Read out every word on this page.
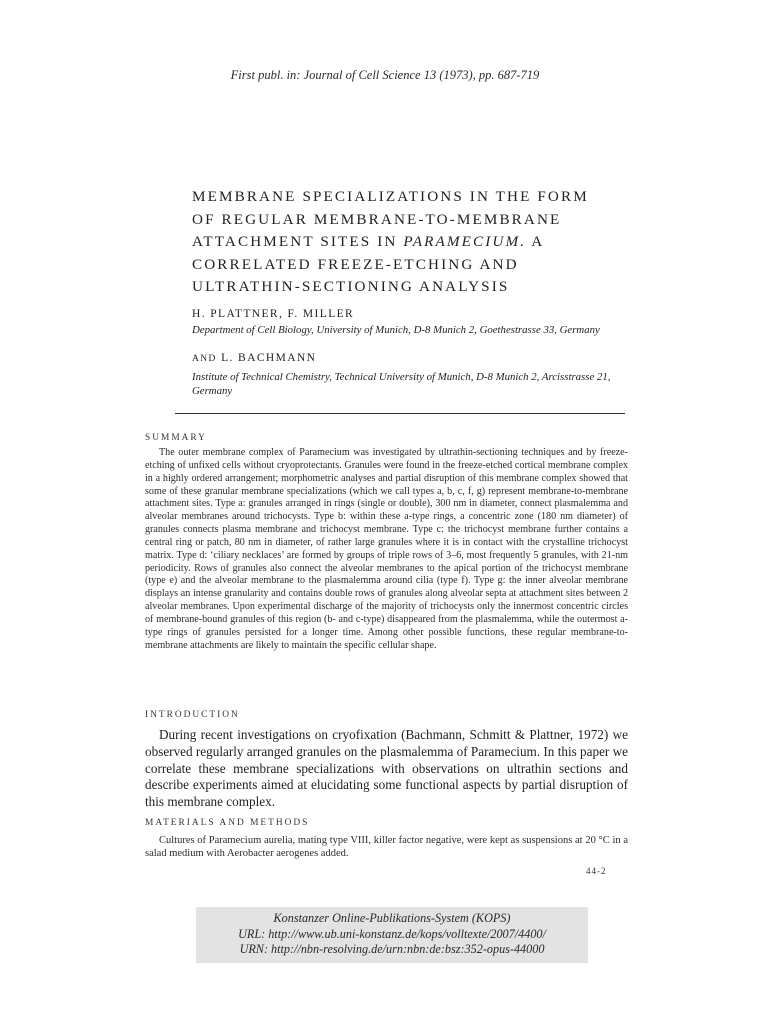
First publ. in: Journal of Cell Science 13 (1973), pp. 687-719
MEMBRANE SPECIALIZATIONS IN THE FORM
OF REGULAR MEMBRANE-TO-MEMBRANE
ATTACHMENT SITES IN PARAMECIUM. A
CORRELATED FREEZE-ETCHING AND
ULTRATHIN-SECTIONING ANALYSIS
H. PLATTNER, F. MILLER
Department of Cell Biology, University of Munich, D-8 Munich 2, Goethestrasse 33, Germany
AND L. BACHMANN
Institute of Technical Chemistry, Technical University of Munich, D-8 Munich 2, Arcisstrasse 21, Germany
SUMMARY
The outer membrane complex of Paramecium was investigated by ultrathin-sectioning techniques and by freeze-etching of unfixed cells without cryoprotectants. Granules were found in the freeze-etched cortical membrane complex in a highly ordered arrangement; morphometric analyses and partial disruption of this membrane complex showed that some of these granular membrane specializations (which we call types a, b, c, f, g) represent membrane-to-membrane attachment sites. Type a: granules arranged in rings (single or double), 300 nm in diameter, connect plasmalemma and alveolar membranes around trichocysts. Type b: within these a-type rings, a concentric zone (180 nm diameter) of granules connects plasma membrane and trichocyst membrane. Type c: the trichocyst membrane further contains a central ring or patch, 80 nm in diameter, of rather large granules where it is in contact with the crystalline trichocyst matrix. Type d: ‘ciliary necklaces’ are formed by groups of triple rows of 3–6, most frequently 5 granules, with 21-nm periodicity. Rows of granules also connect the alveolar membranes to the apical portion of the trichocyst membrane (type e) and the alveolar membrane to the plasmalemma around cilia (type f). Type g: the inner alveolar membrane displays an intense granularity and contains double rows of granules along alveolar septa at attachment sites between 2 alveolar membranes. Upon experimental discharge of the majority of trichocysts only the innermost concentric circles of membrane-bound granules of this region (b- and c-type) disappeared from the plasmalemma, while the outermost a-type rings of granules persisted for a longer time. Among other possible functions, these regular membrane-to-membrane attachments are likely to maintain the specific cellular shape.
INTRODUCTION
During recent investigations on cryofixation (Bachmann, Schmitt & Plattner, 1972) we observed regularly arranged granules on the plasmalemma of Paramecium. In this paper we correlate these membrane specializations with observations on ultrathin sections and describe experiments aimed at elucidating some functional aspects by partial disruption of this membrane complex.
MATERIALS AND METHODS
Cultures of Paramecium aurelia, mating type VIII, killer factor negative, were kept as suspensions at 20 °C in a salad medium with Aerobacter aerogenes added.
44-2
Konstanzer Online-Publikations-System (KOPS)
URL: http://www.ub.uni-konstanz.de/kops/volltexte/2007/4400/
URN: http://nbn-resolving.de/urn:nbn:de:bsz:352-opus-44000
